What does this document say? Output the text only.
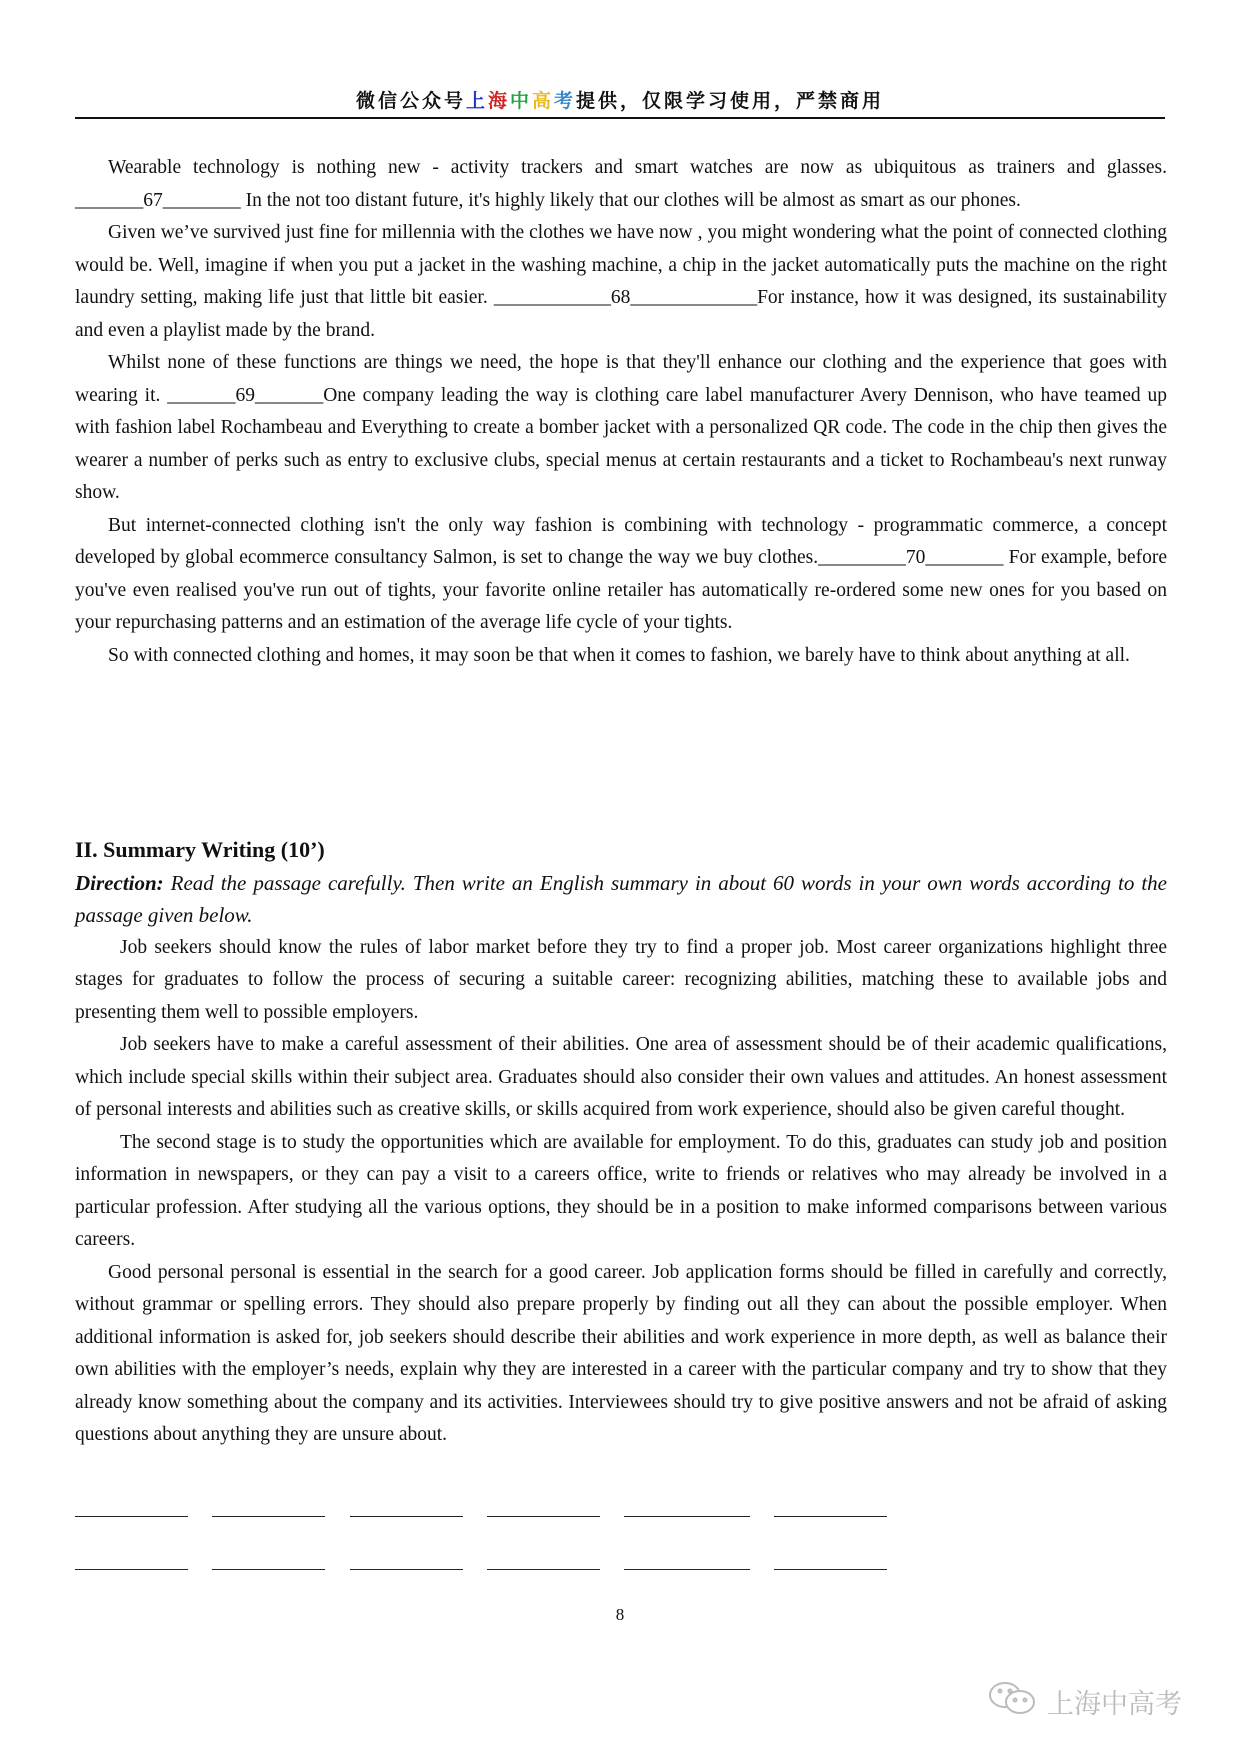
微信公众号上海中高考提供，仅限学习使用，严禁商用

Wearable technology is nothing new - activity trackers and smart watches are now as ubiquitous as trainers and glasses. _______67________ In the not too distant future, it's highly likely that our clothes will be almost as smart as our phones.

Given we’ve survived just fine for millennia with the clothes we have now , you might wondering what the point of connected clothing would be. Well, imagine if when you put a jacket in the washing machine, a chip in the jacket automatically puts the machine on the right laundry setting, making life just that little bit easier. ____________68_____________For instance, how it was designed, its sustainability and even a playlist made by the brand.

Whilst none of these functions are things we need, the hope is that they'll enhance our clothing and the experience that goes with wearing it. _______69_______One company leading the way is clothing care label manufacturer Avery Dennison, who have teamed up with fashion label Rochambeau and Everything to create a bomber jacket with a personalized QR code. The code in the chip then gives the wearer a number of perks such as entry to exclusive clubs, special menus at certain restaurants and a ticket to Rochambeau's next runway show.

But internet-connected clothing isn't the only way fashion is combining with technology - programmatic commerce, a concept developed by global ecommerce consultancy Salmon, is set to change the way we buy clothes._________70________ For example, before you've even realised you've run out of tights, your favorite online retailer has automatically re-ordered some new ones for you based on your repurchasing patterns and an estimation of the average life cycle of your tights.

So with connected clothing and homes, it may soon be that when it comes to fashion, we barely have to think about anything at all.

II. Summary Writing (10’)
Direction: Read the passage carefully. Then write an English summary in about 60 words in your own words according to the passage given below.

Job seekers should know the rules of labor market before they try to find a proper job. Most career organizations highlight three stages for graduates to follow the process of securing a suitable career: recognizing abilities, matching these to available jobs and presenting them well to possible employers.

Job seekers have to make a careful assessment of their abilities. One area of assessment should be of their academic qualifications, which include special skills within their subject area. Graduates should also consider their own values and attitudes. An honest assessment of personal interests and abilities such as creative skills, or skills acquired from work experience, should also be given careful thought.

The second stage is to study the opportunities which are available for employment. To do this, graduates can study job and position information in newspapers, or they can pay a visit to a careers office, write to friends or relatives who may already be involved in a particular profession. After studying all the various options, they should be in a position to make informed comparisons between various careers.

Good personal personal is essential in the search for a good career. Job application forms should be filled in carefully and correctly, without grammar or spelling errors. They should also prepare properly by finding out all they can about the possible employer. When additional information is asked for, job seekers should describe their abilities and work experience in more depth, as well as balance their own abilities with the employer’s needs, explain why they are interested in a career with the particular company and try to show that they already know something about the company and its activities. Interviewees should try to give positive answers and not be afraid of asking questions about anything they are unsure about.

8
上海中高考
